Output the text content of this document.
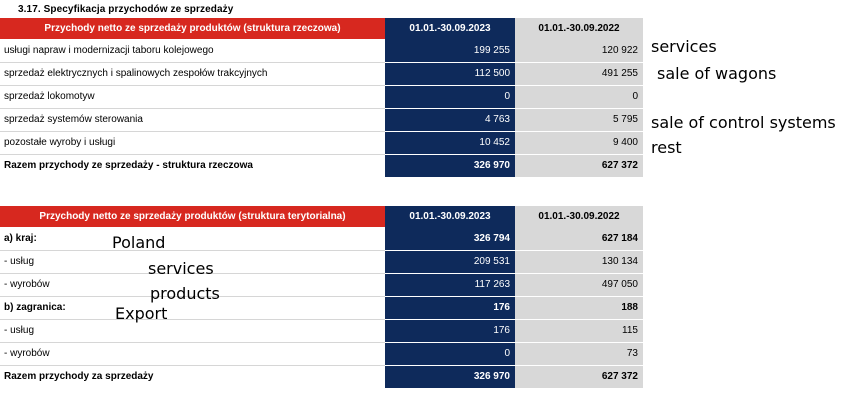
3.17. Specyfikacja przychodów ze sprzedaży
Przychody netto ze sprzedaży produktów (struktura rzeczowa)	01.01.-30.09.2023	01.01.-30.09.2022
usługi napraw i modernizacji taboru kolejowego	199 255	120 922
sprzedaż elektrycznych i spalinowych zespołów trakcyjnych	112 500	491 255
sprzedaż lokomotyw	0	0
sprzedaż systemów sterowania	4 763	5 795
pozostałe wyroby i usługi	10 452	9 400
Razem przychody ze sprzedaży - struktura rzeczowa	326 970	627 372
Przychody netto ze sprzedaży produktów (struktura terytorialna)	01.01.-30.09.2023	01.01.-30.09.2022
a) kraj:	326 794	627 184
- usług	209 531	130 134
- wyrobów	117 263	497 050
b) zagranica:	176	188
- usług	176	115
- wyrobów	0	73
Razem przychody za sprzedaży	326 970	627 372
services
sale of wagons
sale of control systems
rest
Poland
services
products
Export
